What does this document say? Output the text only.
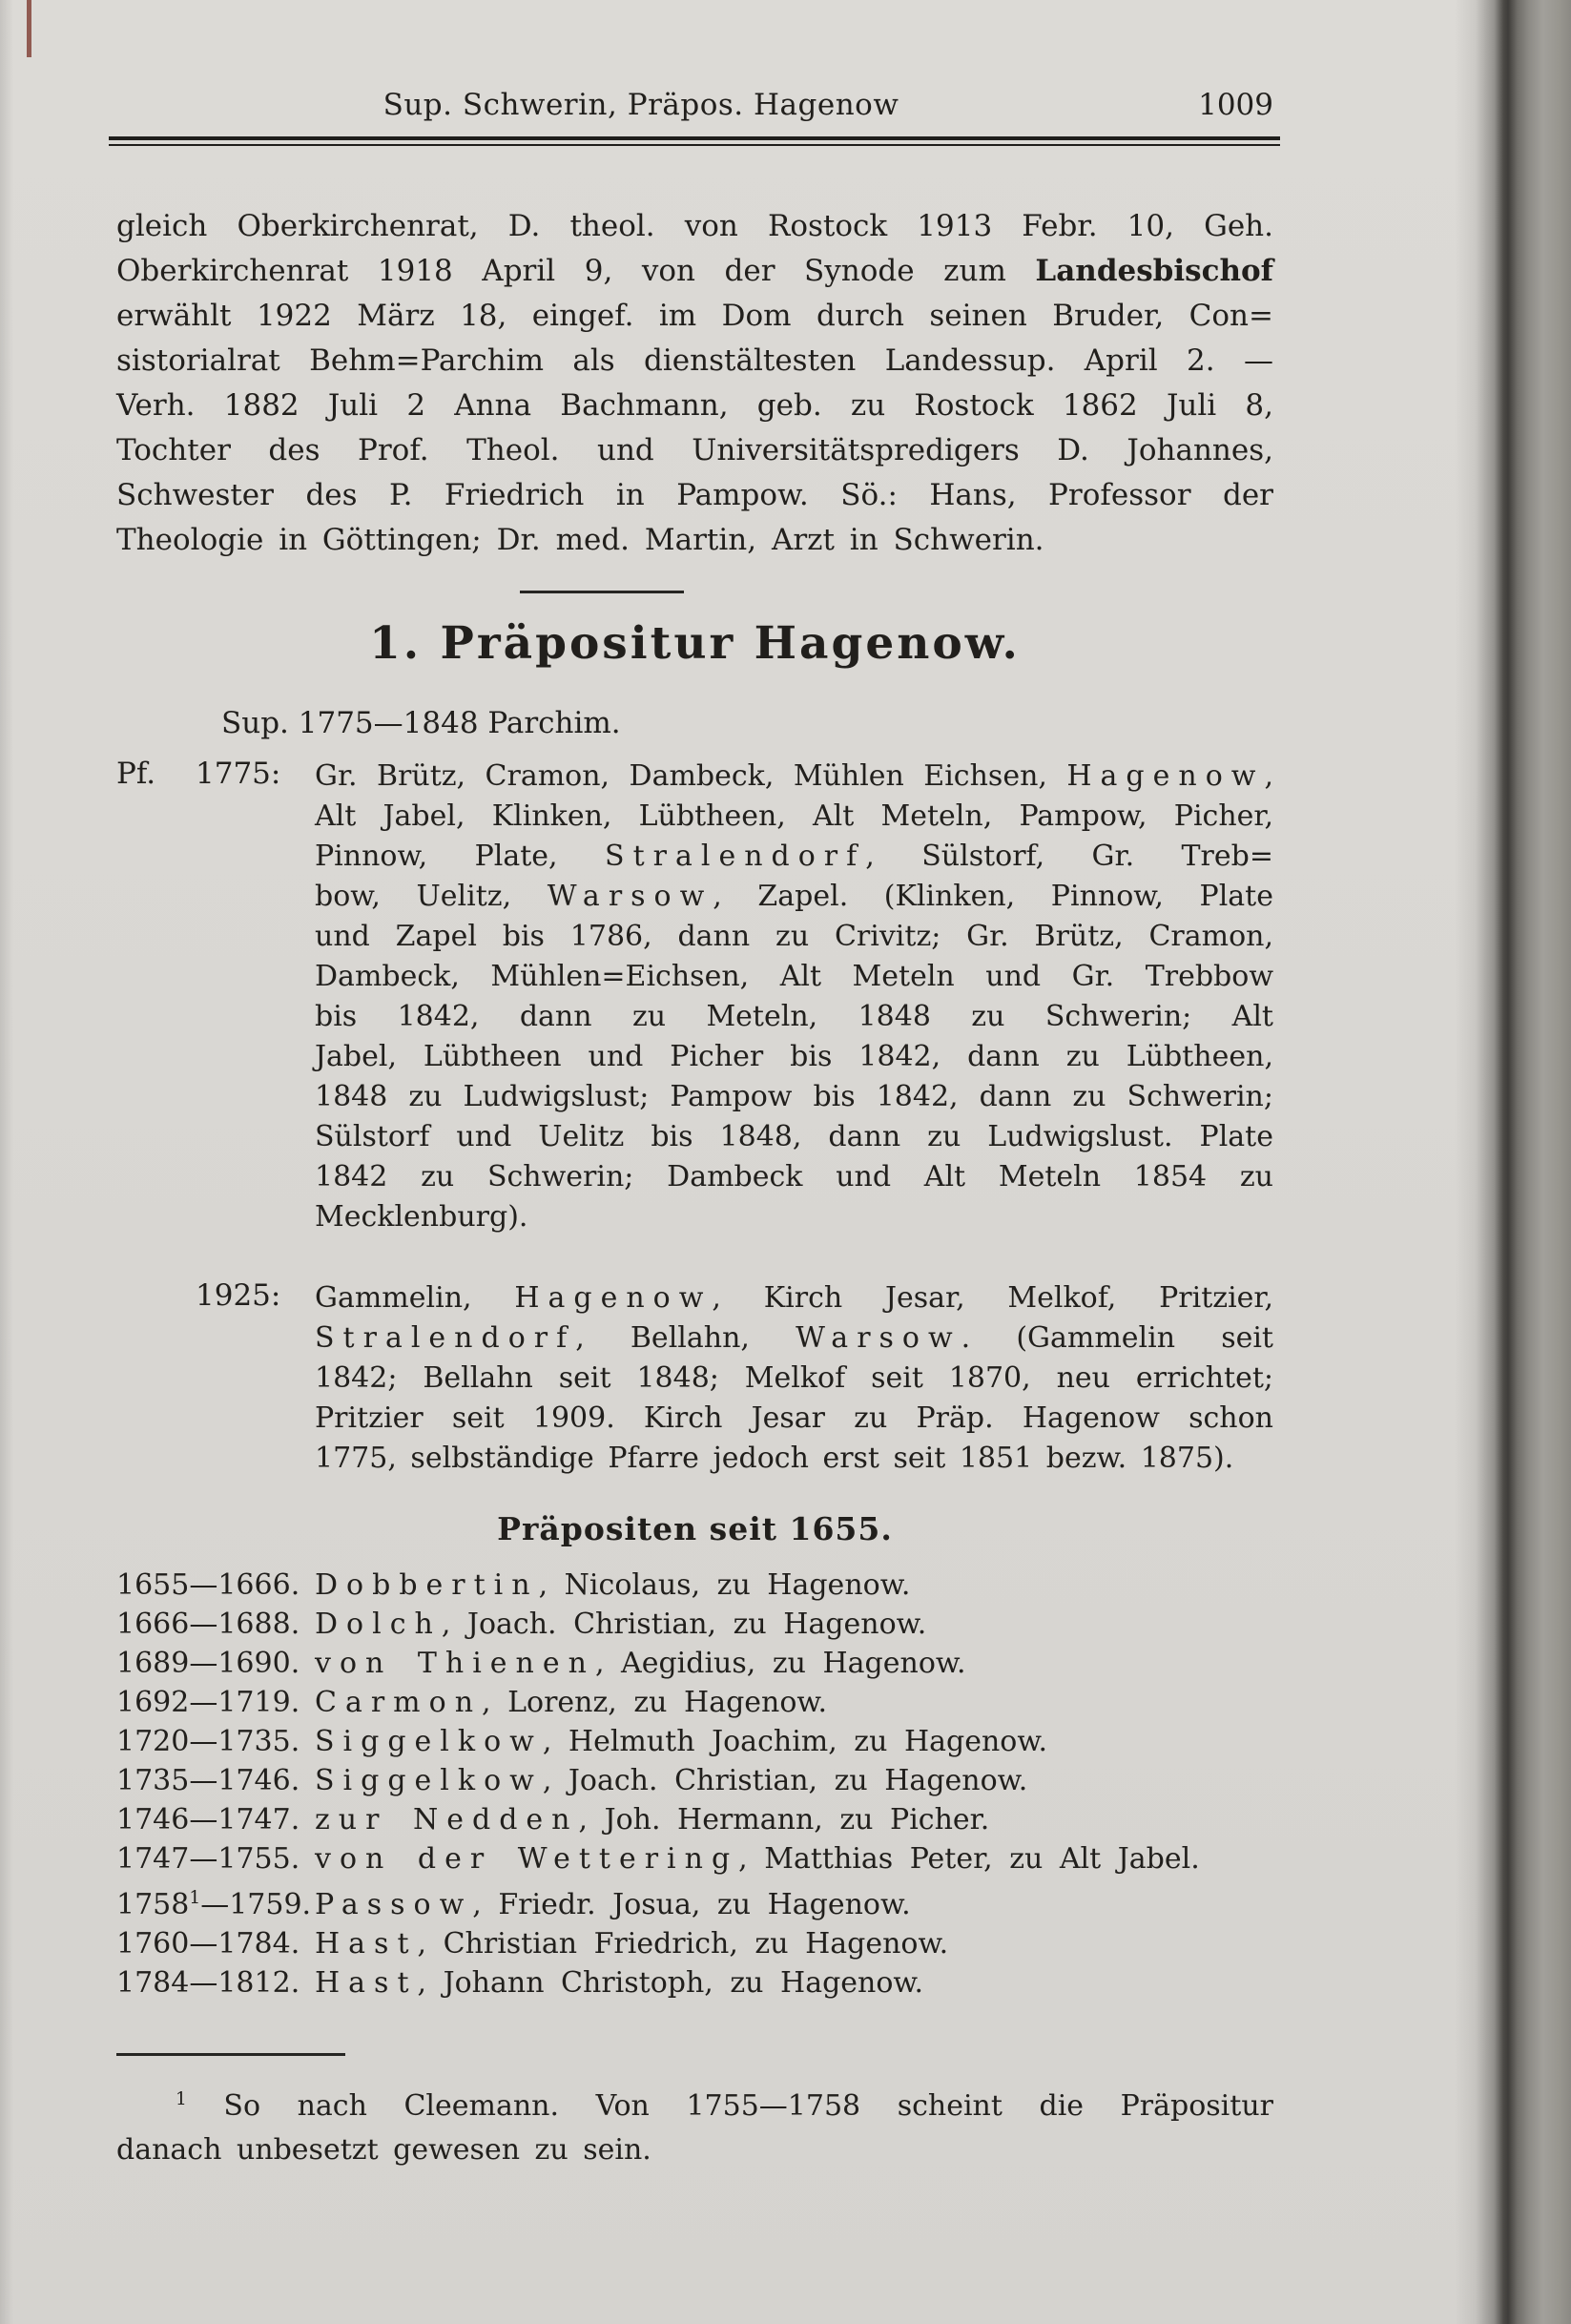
Sup. Schwerin, Präpos. Hagenow	1009
gleich Oberkirchenrat, D. theol. von Rostock 1913 Febr. 10, Geh.
Oberkirchenrat 1918 April 9, von der Synode zum Landesbischof
erwählt 1922 März 18, eingef. im Dom durch seinen Bruder, Con=
sistorialrat Behm=Parchim als dienstältesten Landessup. April 2. —
Verh. 1882 Juli 2 Anna Bachmann, geb. zu Rostock 1862 Juli 8,
Tochter des Prof. Theol. und Universitätspredigers D. Johannes,
Schwester des P. Friedrich in Pampow. Sö.: Hans, Professor der
Theologie in Göttingen; Dr. med. Martin, Arzt in Schwerin.
1. Präpositur Hagenow.
Sup. 1775—1848 Parchim.
Pf. 1775: Gr. Brütz, Cramon, Dambeck, Mühlen Eichsen, Hagenow,
Alt Jabel, Klinken, Lübtheen, Alt Meteln, Pampow, Picher,
Pinnow, Plate, Stralendorf, Sülstorf, Gr. Treb=
bow, Uelitz, Warsow, Zapel. (Klinken, Pinnow, Plate
und Zapel bis 1786, dann zu Crivitz; Gr. Brütz, Cramon,
Dambeck, Mühlen=Eichsen, Alt Meteln und Gr. Trebbow
bis 1842, dann zu Meteln, 1848 zu Schwerin; Alt
Jabel, Lübtheen und Picher bis 1842, dann zu Lübtheen,
1848 zu Ludwigslust; Pampow bis 1842, dann zu Schwerin;
Sülstorf und Uelitz bis 1848, dann zu Ludwigslust. Plate
1842 zu Schwerin; Dambeck und Alt Meteln 1854 zu
Mecklenburg).
1925: Gammelin, Hagenow, Kirch Jesar, Melkof, Pritzier,
Stralendorf, Bellahn, Warsow. (Gammelin seit
1842; Bellahn seit 1848; Melkof seit 1870, neu errichtet;
Pritzier seit 1909. Kirch Jesar zu Präp. Hagenow schon
1775, selbständige Pfarre jedoch erst seit 1851 bezw. 1875).
Präpositen seit 1655.
1655—1666. Dobbertin, Nicolaus, zu Hagenow.
1666—1688. Dolch, Joach. Christian, zu Hagenow.
1689—1690. von Thienen, Aegidius, zu Hagenow.
1692—1719. Carmon, Lorenz, zu Hagenow.
1720—1735. Siggelkow, Helmuth Joachim, zu Hagenow.
1735—1746. Siggelkow, Joach. Christian, zu Hagenow.
1746—1747. zur Nedden, Joh. Hermann, zu Picher.
1747—1755. von der Wettering, Matthias Peter, zu Alt Jabel.
1758$^1$—1759. Passow, Friedr. Josua, zu Hagenow.
1760—1784. Hast, Christian Friedrich, zu Hagenow.
1784—1812. Hast, Johann Christoph, zu Hagenow.
$^1$ So nach Cleemann. Von 1755—1758 scheint die Präpositur
danach unbesetzt gewesen zu sein.
